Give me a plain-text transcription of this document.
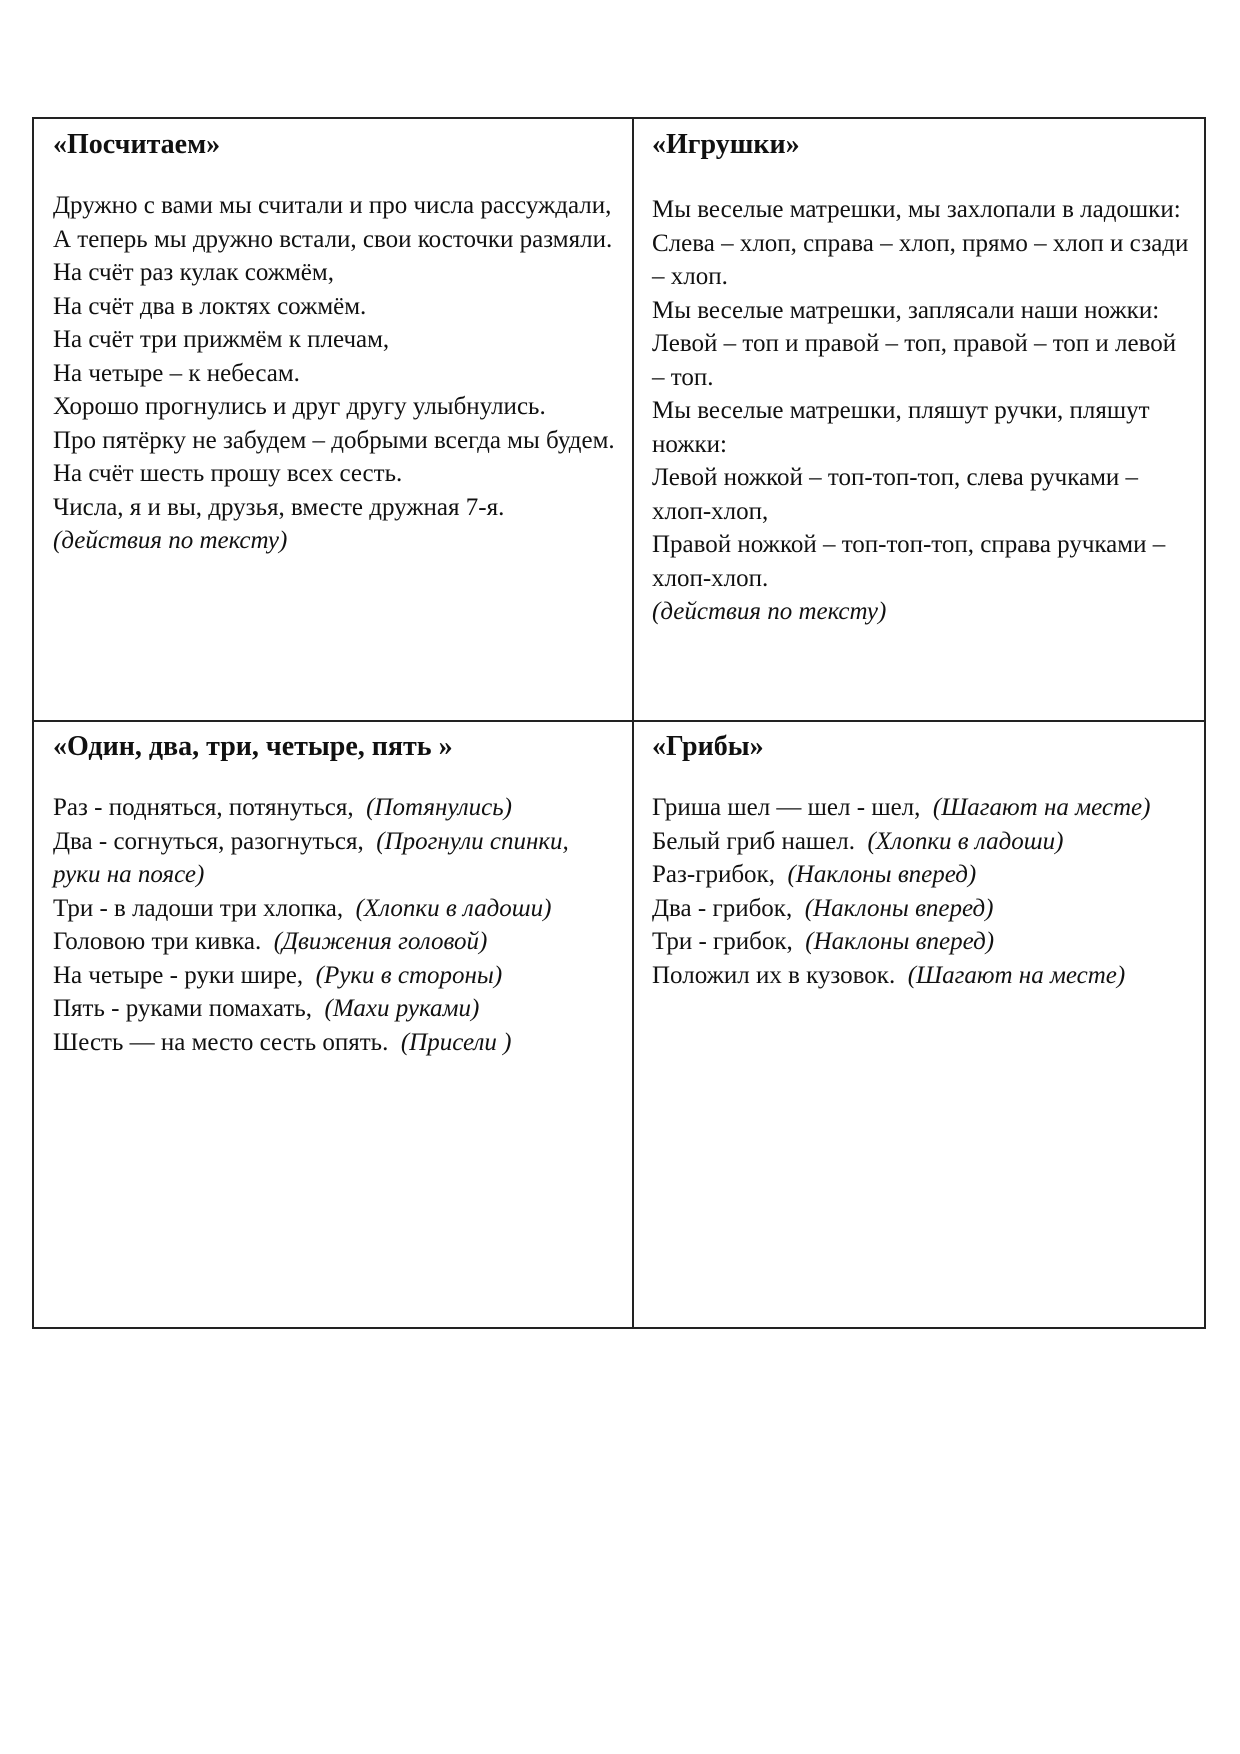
«Посчитаем»
Дружно с вами мы считали и про числа рассуждали,
А теперь мы дружно встали, свои косточки размяли.
На счёт раз кулак сожмём,
На счёт два в локтях сожмём.
На счёт три прижмём к плечам,
На четыре – к небесам.
Хорошо прогнулись и друг другу улыбнулись.
Про пятёрку не забудем – добрыми всегда мы будем.
На счёт шесть прошу всех сесть.
Числа, я и вы, друзья, вместе дружная 7-я.
(действия по тексту)
«Игрушки»
Мы веселые матрешки, мы захлопали в ладошки:
Слева – хлоп, справа – хлоп, прямо – хлоп и сзади – хлоп.
Мы веселые матрешки, заплясали наши ножки:
Левой – топ и правой – топ, правой – топ и левой – топ.
Мы веселые матрешки, пляшут ручки, пляшут ножки:
Левой ножкой – топ-топ-топ, слева ручками – хлоп-хлоп,
Правой ножкой – топ-топ-топ, справа ручками – хлоп-хлоп.
(действия по тексту)
«Один, два, три, четыре, пять »
Раз - подняться, потянуться, (Потянулись)
Два - согнуться, разогнуться, (Прогнули спинки, руки на поясе)
Три - в ладоши три хлопка, (Хлопки в ладоши)
Головою три кивка. (Движения головой)
На четыре - руки шире, (Руки в стороны)
Пять - руками помахать, (Махи руками)
Шесть — на место сесть опять. (Присели )
«Грибы»
Гриша шел — шел - шел, (Шагают на месте)
Белый гриб нашел. (Хлопки в ладоши)
Раз-грибок, (Наклоны вперед)
Два - грибок, (Наклоны вперед)
Три - грибок, (Наклоны вперед)
Положил их в кузовок. (Шагают на месте)
